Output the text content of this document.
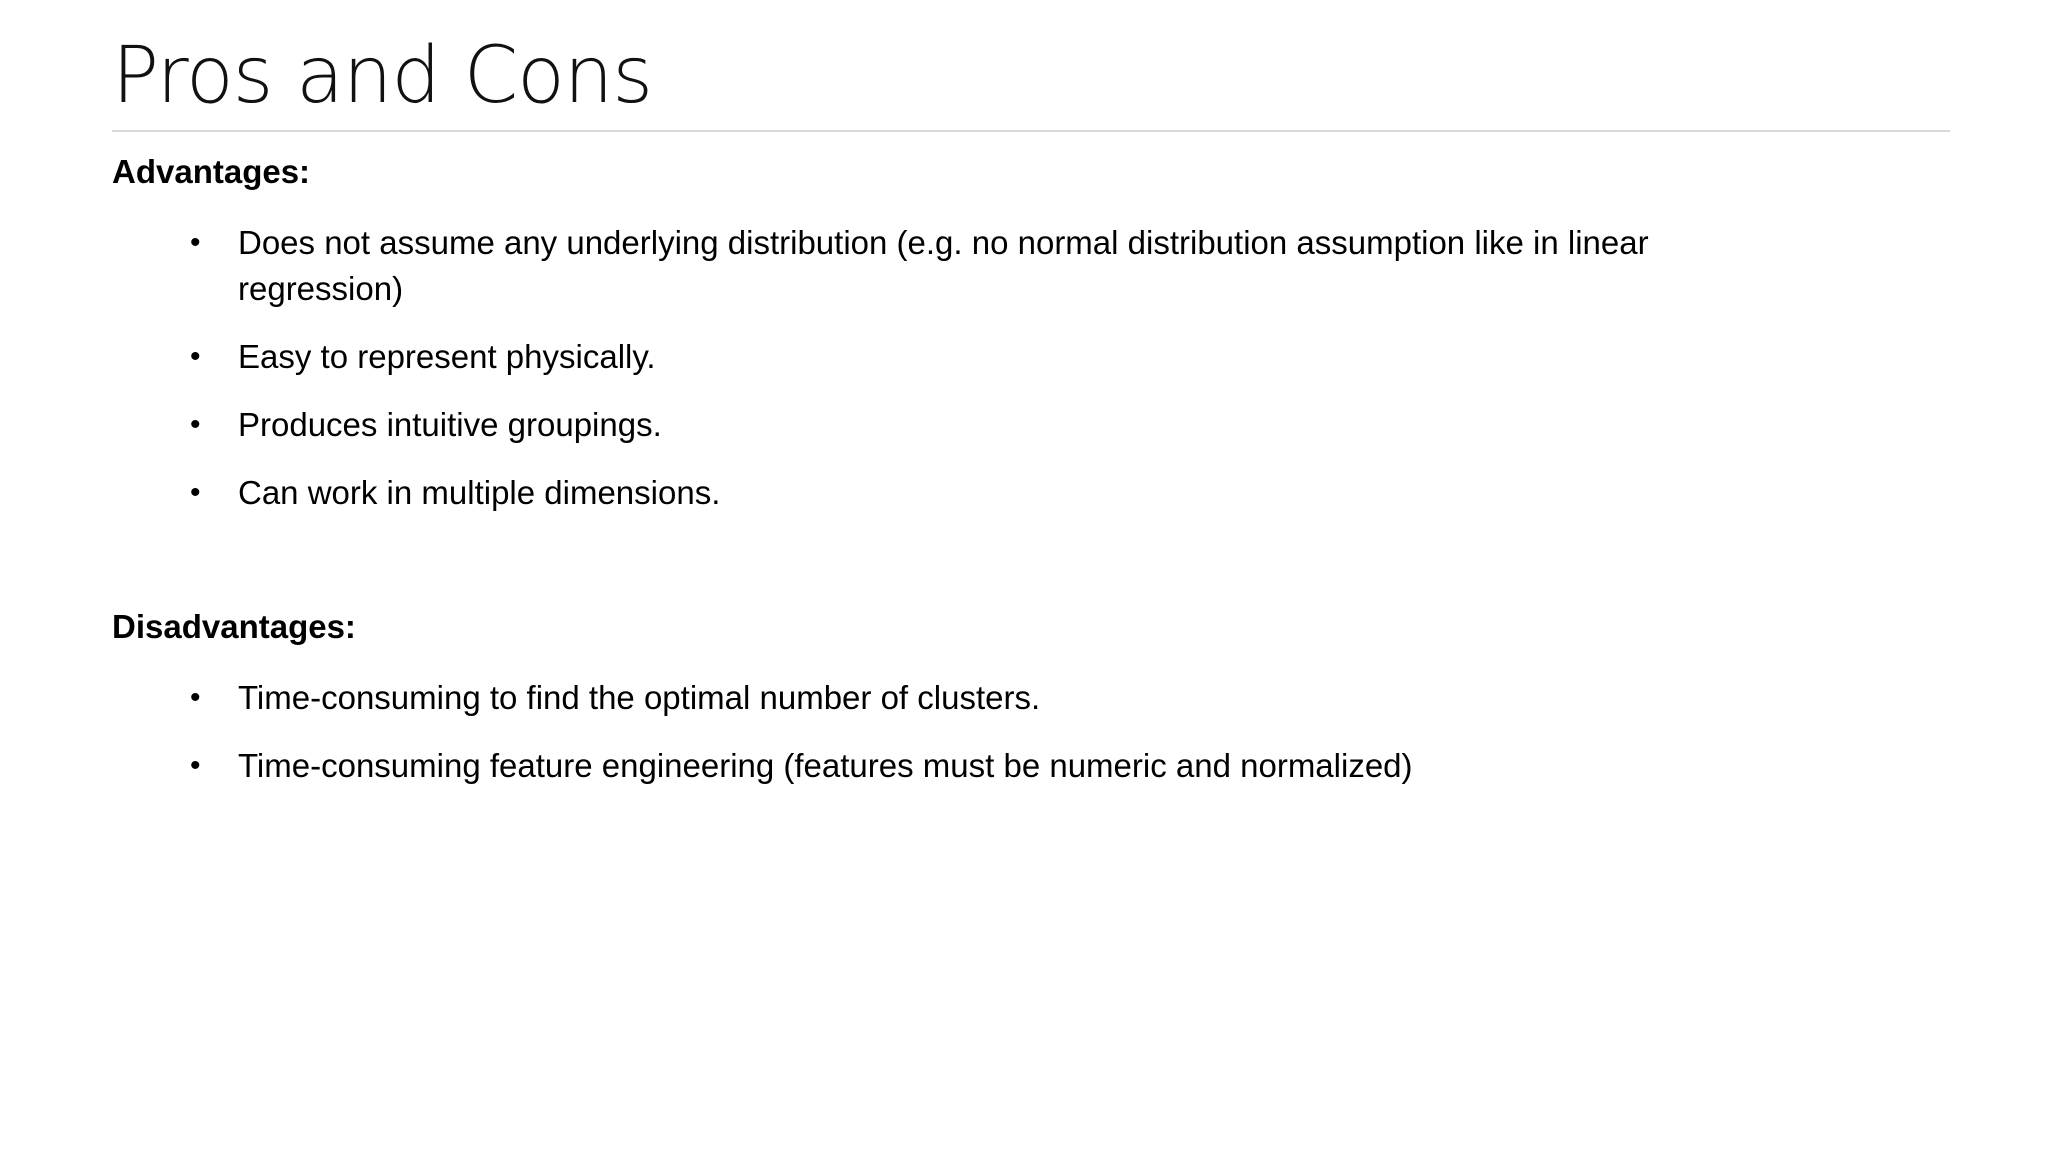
Pros and Cons
Advantages:
• Does not assume any underlying distribution (e.g. no normal distribution assumption like in linear regression)
• Easy to represent physically.
• Produces intuitive groupings.
• Can work in multiple dimensions.
Disadvantages:
• Time-consuming to find the optimal number of clusters.
• Time-consuming feature engineering (features must be numeric and normalized)
